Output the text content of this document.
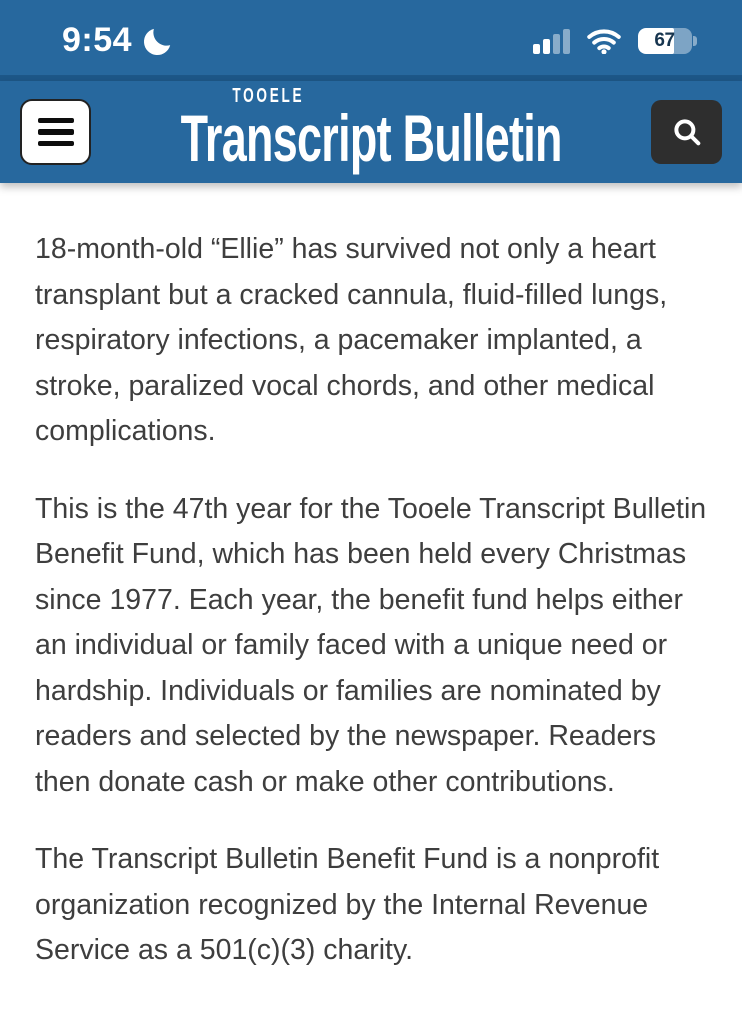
9:54	67
TOOELE
Transcript Bulletin

18-month-old “Ellie” has survived not only a heart transplant but a cracked cannula, fluid-filled lungs, respiratory infections, a pacemaker implanted, a stroke, paralized vocal chords, and other medical complications.

This is the 47th year for the Tooele Transcript Bulletin Benefit Fund, which has been held every Christmas since 1977. Each year, the benefit fund helps either an individual or family faced with a unique need or hardship. Individuals or families are nominated by readers and selected by the newspaper. Readers then donate cash or make other contributions.

The Transcript Bulletin Benefit Fund is a nonprofit organization recognized by the Internal Revenue Service as a 501(c)(3) charity.
